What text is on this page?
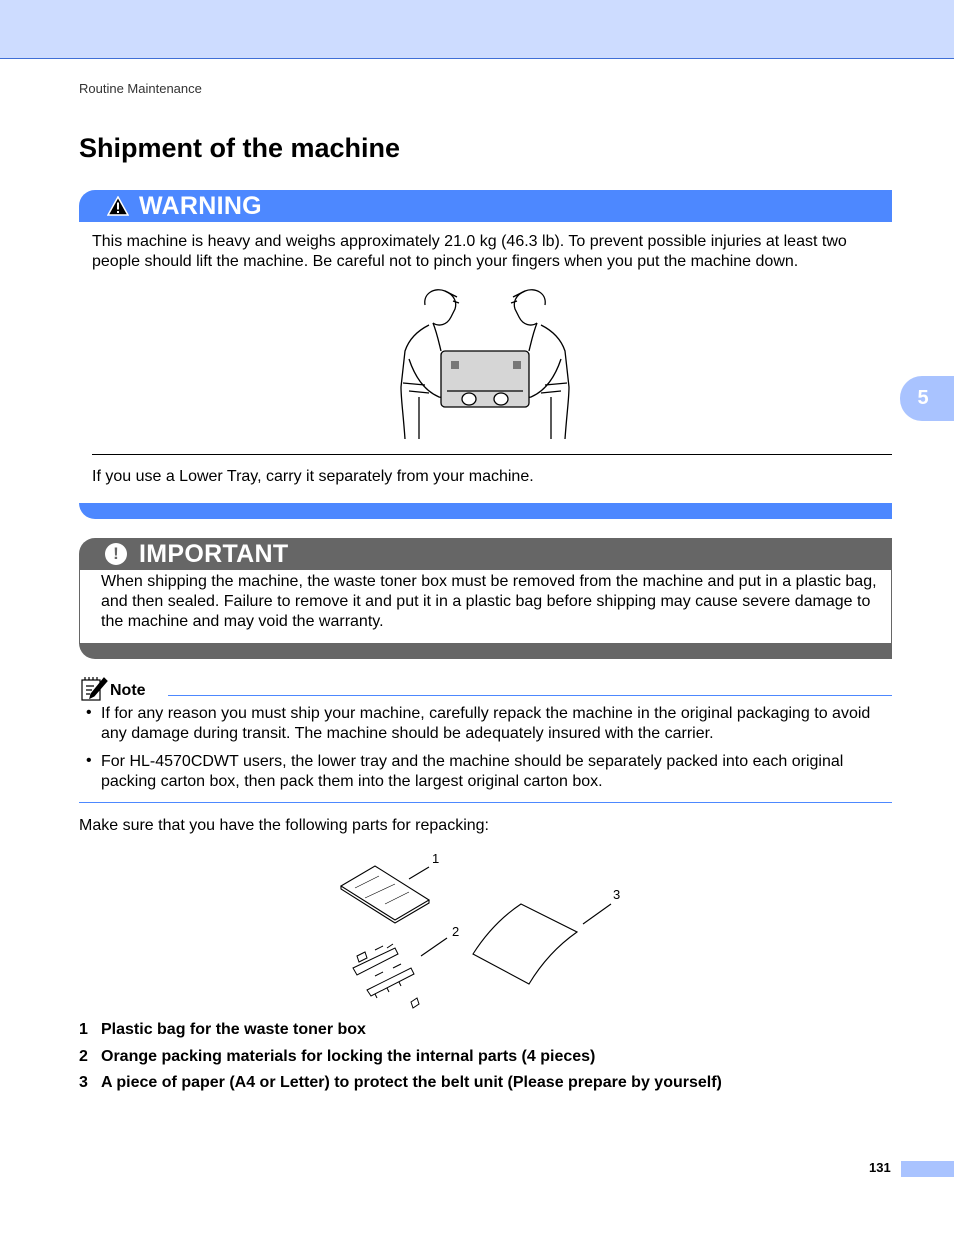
Routine Maintenance
Shipment of the machine
5
WARNING
This machine is heavy and weighs approximately 21.0 kg (46.3 lb). To prevent possible injuries at least two people should lift the machine. Be careful not to pinch your fingers when you put the machine down.
If you use a Lower Tray, carry it separately from your machine.
! IMPORTANT
When shipping the machine, the waste toner box must be removed from the machine and put in a plastic bag, and then sealed. Failure to remove it and put it in a plastic bag before shipping may cause severe damage to the machine and may void the warranty.
Note
• If for any reason you must ship your machine, carefully repack the machine in the original packaging to avoid any damage during transit. The machine should be adequately insured with the carrier.
• For HL-4570CDWT users, the lower tray and the machine should be separately packed into each original packing carton box, then pack them into the largest original carton box.
Make sure that you have the following parts for repacking:
1
2
3
1 Plastic bag for the waste toner box
2 Orange packing materials for locking the internal parts (4 pieces)
3 A piece of paper (A4 or Letter) to protect the belt unit (Please prepare by yourself)
131
